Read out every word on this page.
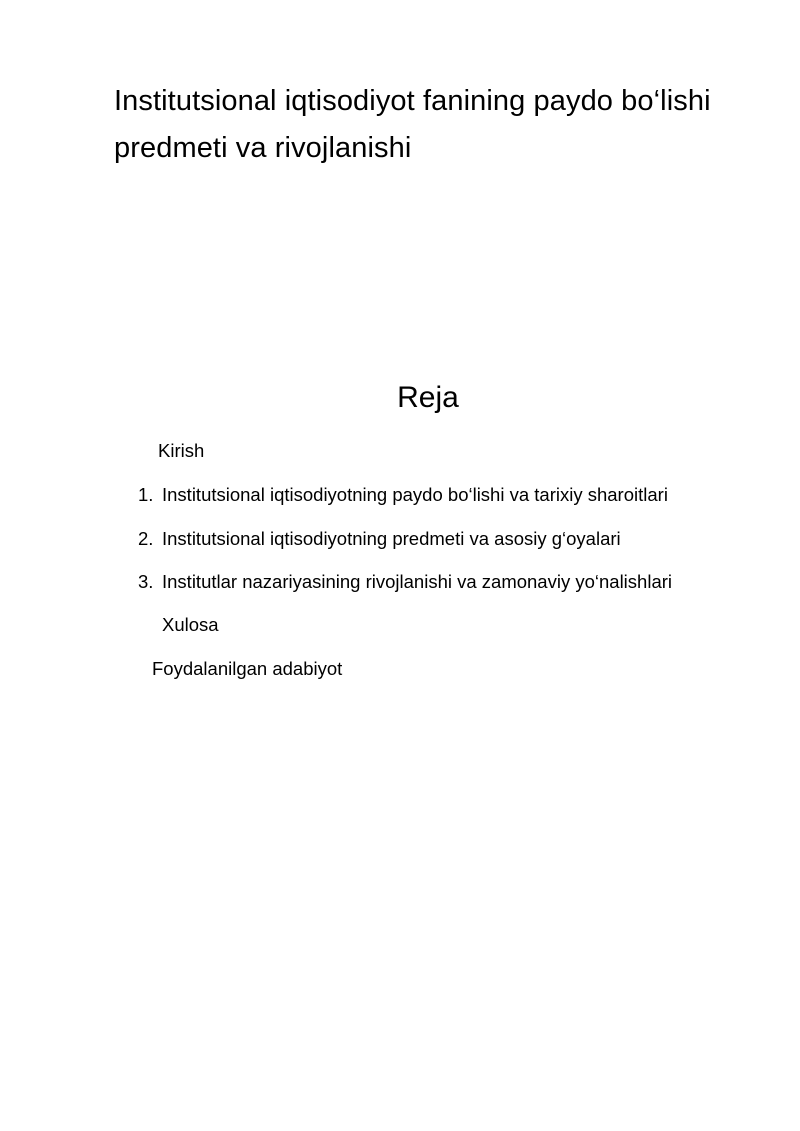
Institutsional iqtisodiyot fanining paydo bo‘lishi predmeti va rivojlanishi
Reja
Kirish
1. Institutsional iqtisodiyotning paydo bo‘lishi va tarixiy sharoitlari
2. Institutsional iqtisodiyotning predmeti va asosiy g‘oyalari
3. Institutlar nazariyasining rivojlanishi va zamonaviy yo‘nalishlari
Xulosa
Foydalanilgan adabiyot
